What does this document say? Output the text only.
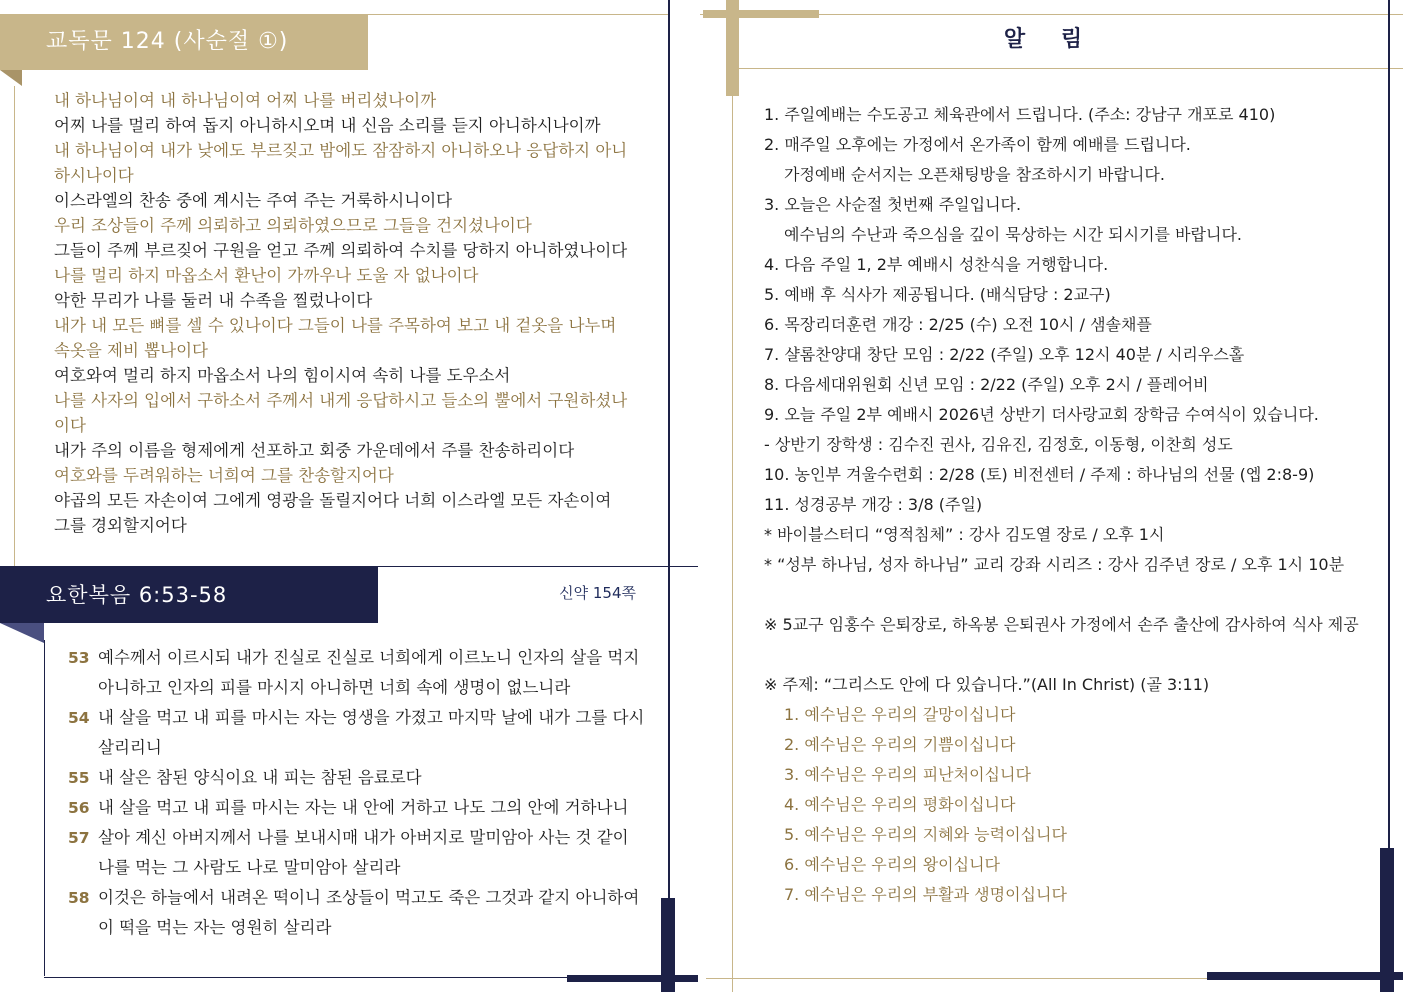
교독문 124 (사순절 ①)
내 하나님이여 내 하나님이여 어찌 나를 버리셨나이까
어찌 나를 멀리 하여 돕지 아니하시오며 내 신음 소리를 듣지 아니하시나이까
내 하나님이여 내가 낮에도 부르짖고 밤에도 잠잠하지 아니하오나 응답하지 아니
하시나이다
이스라엘의 찬송 중에 계시는 주여 주는 거룩하시니이다
우리 조상들이 주께 의뢰하고 의뢰하였으므로 그들을 건지셨나이다
그들이 주께 부르짖어 구원을 얻고 주께 의뢰하여 수치를 당하지 아니하였나이다
나를 멀리 하지 마옵소서 환난이 가까우나 도울 자 없나이다
악한 무리가 나를 둘러 내 수족을 찔렀나이다
내가 내 모든 뼈를 셀 수 있나이다 그들이 나를 주목하여 보고 내 겉옷을 나누며
속옷을 제비 뽑나이다
여호와여 멀리 하지 마옵소서 나의 힘이시여 속히 나를 도우소서
나를 사자의 입에서 구하소서 주께서 내게 응답하시고 들소의 뿔에서 구원하셨나
이다
내가 주의 이름을 형제에게 선포하고 회중 가운데에서 주를 찬송하리이다
여호와를 두려워하는 너희여 그를 찬송할지어다
야곱의 모든 자손이여 그에게 영광을 돌릴지어다 너희 이스라엘 모든 자손이여
그를 경외할지어다
요한복음 6:53-58	신약 154쪽
53 예수께서 이르시되 내가 진실로 진실로 너희에게 이르노니 인자의 살을 먹지
아니하고 인자의 피를 마시지 아니하면 너희 속에 생명이 없느니라
54 내 살을 먹고 내 피를 마시는 자는 영생을 가졌고 마지막 날에 내가 그를 다시
살리리니
55 내 살은 참된 양식이요 내 피는 참된 음료로다
56 내 살을 먹고 내 피를 마시는 자는 내 안에 거하고 나도 그의 안에 거하나니
57 살아 계신 아버지께서 나를 보내시매 내가 아버지로 말미암아 사는 것 같이
나를 먹는 그 사람도 나로 말미암아 살리라
58 이것은 하늘에서 내려온 떡이니 조상들이 먹고도 죽은 그것과 같지 아니하여
이 떡을 먹는 자는 영원히 살리라
알 림
1. 주일예배는 수도공고 체육관에서 드립니다. (주소: 강남구 개포로 410)
2. 매주일 오후에는 가정에서 온가족이 함께 예배를 드립니다.
가정예배 순서지는 오픈채팅방을 참조하시기 바랍니다.
3. 오늘은 사순절 첫번째 주일입니다.
예수님의 수난과 죽으심을 깊이 묵상하는 시간 되시기를 바랍니다.
4. 다음 주일 1, 2부 예배시 성찬식을 거행합니다.
5. 예배 후 식사가 제공됩니다. (배식담당 : 2교구)
6. 목장리더훈련 개강 : 2/25 (수) 오전 10시 / 샘솔채플
7. 샬롬찬양대 창단 모임 : 2/22 (주일) 오후 12시 40분 / 시리우스홀
8. 다음세대위원회 신년 모임 : 2/22 (주일) 오후 2시 / 플레어비
9. 오늘 주일 2부 예배시 2026년 상반기 더사랑교회 장학금 수여식이 있습니다.
- 상반기 장학생 : 김수진 권사, 김유진, 김정호, 이동형, 이찬희 성도
10. 농인부 겨울수련회 : 2/28 (토) 비전센터 / 주제 : 하나님의 선물 (엡 2:8-9)
11. 성경공부 개강 : 3/8 (주일)
* 바이블스터디 “영적침체” : 강사 김도열 장로 / 오후 1시
* “성부 하나님, 성자 하나님” 교리 강좌 시리즈 : 강사 김주년 장로 / 오후 1시 10분
※ 5교구 임홍수 은퇴장로, 하옥봉 은퇴권사 가정에서 손주 출산에 감사하여 식사 제공
※ 주제: “그리스도 안에 다 있습니다.”(All In Christ) (골 3:11)
1. 예수님은 우리의 갈망이십니다
2. 예수님은 우리의 기쁨이십니다
3. 예수님은 우리의 피난처이십니다
4. 예수님은 우리의 평화이십니다
5. 예수님은 우리의 지혜와 능력이십니다
6. 예수님은 우리의 왕이십니다
7. 예수님은 우리의 부활과 생명이십니다
